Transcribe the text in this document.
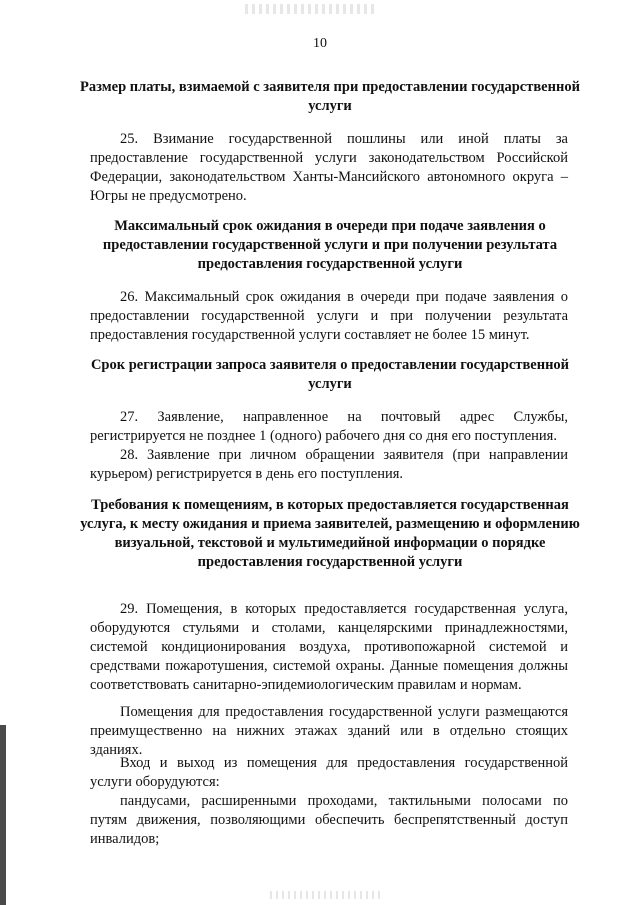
10
Размер платы, взимаемой с заявителя при предоставлении государственной услуги
25. Взимание государственной пошлины или иной платы за предоставление государственной услуги законодательством Российской Федерации, законодательством Ханты-Мансийского автономного округа – Югры не предусмотрено.
Максимальный срок ожидания в очереди при подаче заявления о предоставлении государственной услуги и при получении результата предоставления государственной услуги
26. Максимальный срок ожидания в очереди при подаче заявления о предоставлении государственной услуги и при получении результата предоставления государственной услуги составляет не более 15 минут.
Срок регистрации запроса заявителя о предоставлении государственной услуги
27. Заявление, направленное на почтовый адрес Службы, регистрируется не позднее 1 (одного) рабочего дня со дня его поступления.
28. Заявление при личном обращении заявителя (при направлении курьером) регистрируется в день его поступления.
Требования к помещениям, в которых предоставляется государственная услуга, к месту ожидания и приема заявителей, размещению и оформлению визуальной, текстовой и мультимедийной информации о порядке предоставления государственной услуги
29. Помещения, в которых предоставляется государственная услуга, оборудуются стульями и столами, канцелярскими принадлежностями, системой кондиционирования воздуха, противопожарной системой и средствами пожаротушения, системой охраны. Данные помещения должны соответствовать санитарно-эпидемиологическим правилам и нормам.
Помещения для предоставления государственной услуги размещаются преимущественно на нижних этажах зданий или в отдельно стоящих зданиях.
Вход и выход из помещения для предоставления государственной услуги оборудуются:
пандусами, расширенными проходами, тактильными полосами по путям движения, позволяющими обеспечить беспрепятственный доступ инвалидов;
